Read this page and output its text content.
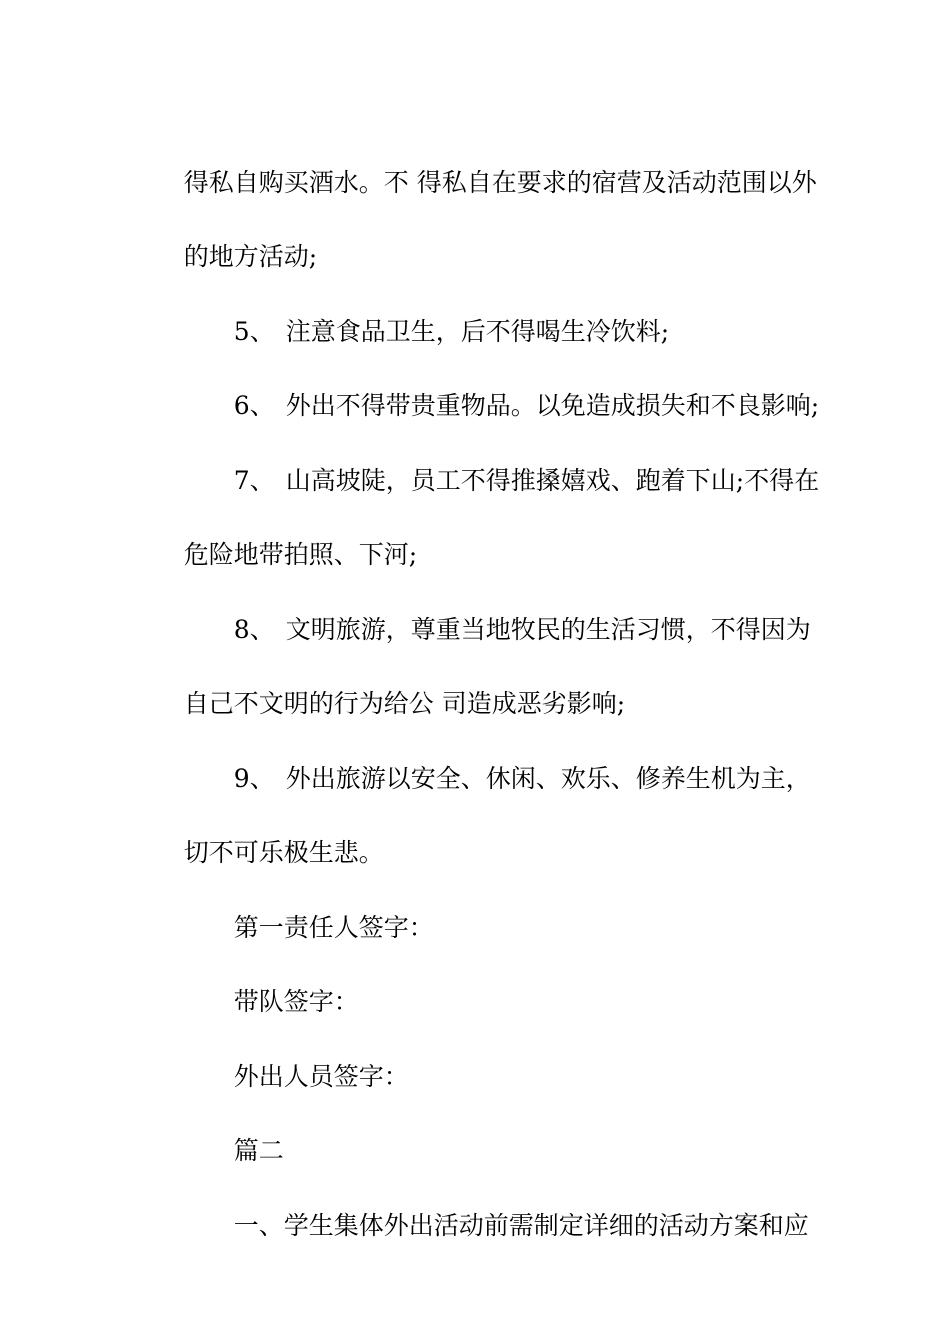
得私自购买酒水。不 得私自在要求的宿营及活动范围以外

的地方活动;

5、 注意食品卫生，后不得喝生冷饮料;

6、 外出不得带贵重物品。以免造成损失和不良影响;

7、 山高坡陡，员工不得推搡嬉戏、跑着下山;不得在

危险地带拍照、下河;

8、 文明旅游，尊重当地牧民的生活习惯，不得因为

自己不文明的行为给公 司造成恶劣影响;

9、 外出旅游以安全、休闲、欢乐、修养生机为主，

切不可乐极生悲。

第一责任人签字：

带队签字：

外出人员签字：

篇二

一、学生集体外出活动前需制定详细的活动方案和应
